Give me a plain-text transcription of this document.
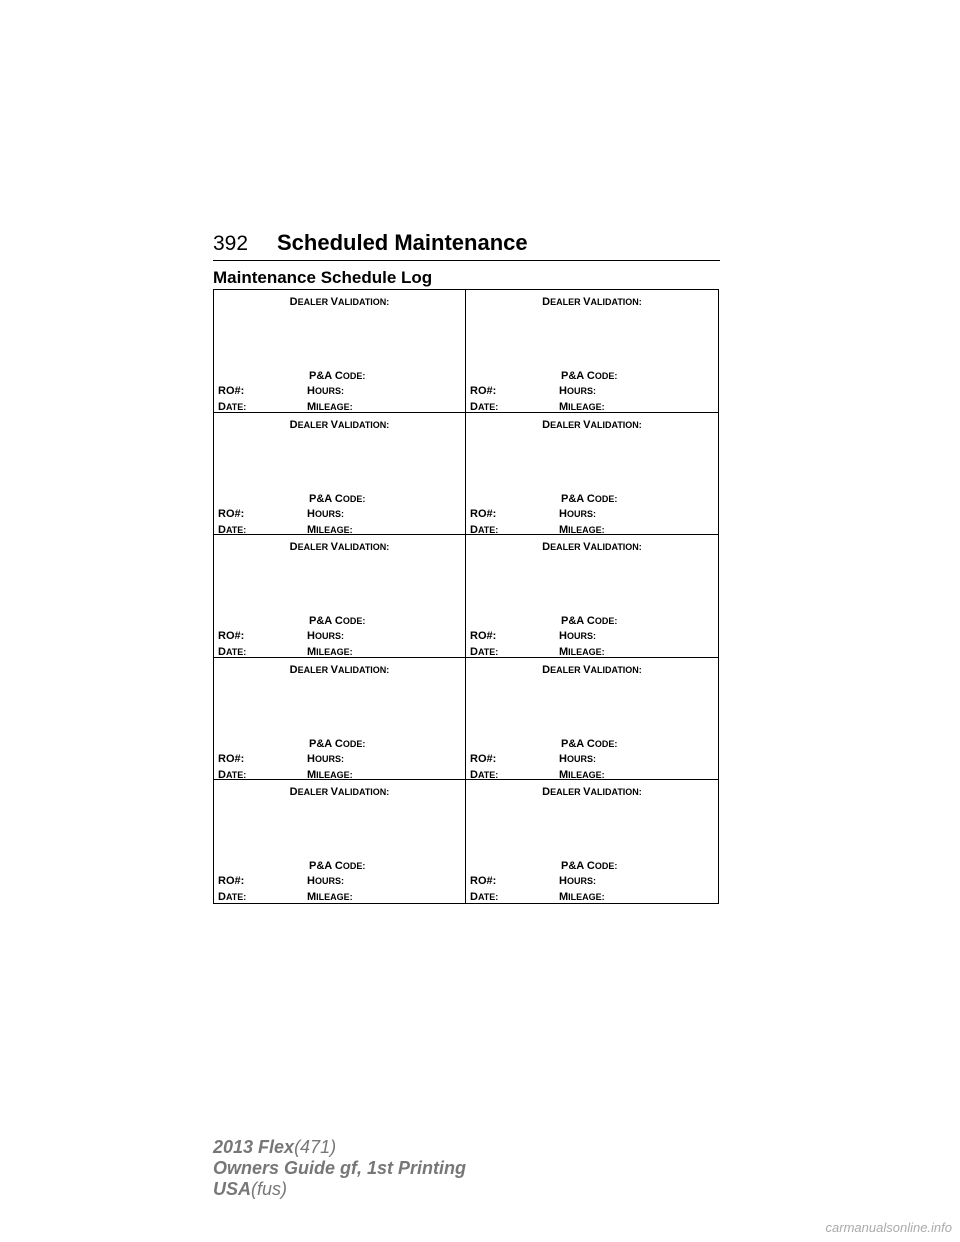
392 Scheduled Maintenance
Maintenance Schedule Log
DEALER VALIDATION:
P&A CODE:
RO#:	HOURS:
DATE:	MILEAGE:
DEALER VALIDATION:
P&A CODE:
RO#:	HOURS:
DATE:	MILEAGE:
DEALER VALIDATION:
P&A CODE:
RO#:	HOURS:
DATE:	MILEAGE:
DEALER VALIDATION:
P&A CODE:
RO#:	HOURS:
DATE:	MILEAGE:
DEALER VALIDATION:
P&A CODE:
RO#:	HOURS:
DATE:	MILEAGE:
DEALER VALIDATION:
P&A CODE:
RO#:	HOURS:
DATE:	MILEAGE:
DEALER VALIDATION:
P&A CODE:
RO#:	HOURS:
DATE:	MILEAGE:
DEALER VALIDATION:
P&A CODE:
RO#:	HOURS:
DATE:	MILEAGE:
DEALER VALIDATION:
P&A CODE:
RO#:	HOURS:
DATE:	MILEAGE:
DEALER VALIDATION:
P&A CODE:
RO#:	HOURS:
DATE:	MILEAGE:
2013 Flex(471)
Owners Guide gf, 1st Printing
USA(fus)
carmanualsonline.info
